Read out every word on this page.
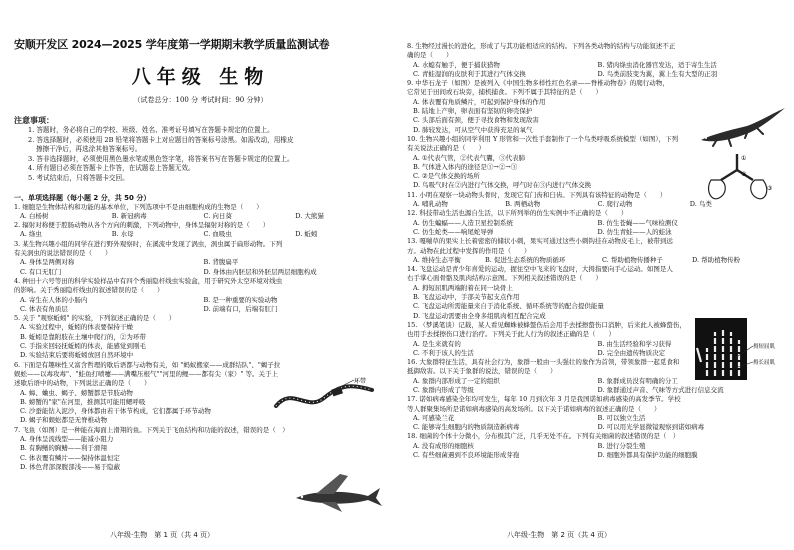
安顺开发区 2024—2025 学年度第一学期期末教学质量监测试卷
八年级 生物
（试卷总分：100 分 考试时间：90 分钟）
注意事项：
1. 答题时，务必将自己的学校、班级、姓名、准考证号填写在答题卡规定的位置上。
2. 答选择题时，必须使用 2B 铅笔将答题卡上对应题目的答案标号涂黑。如需改动，用橡皮
擦擦干净后，再选涂其他答案标号。
3. 答非选择题时，必须使用黑色墨水笔或黑色签字笔，将答案书写在答题卡规定的位置上。
4. 所有题目必须在答题卡上作答，在试题卷上答题无效。
5. 考试结束后，只将答题卡交回。
一、单项选择题（每小题 2 分，共 50 分）
1. 细胞是生物体结构和功能的基本单位，下列选项中不是由细胞构成的生物是（　　）
A. 白杨树	B. 新冠病毒	C. 向日葵	D. 大熊猫
2. 辐射对称便于腔肠动物从各个方向的刺激，下列动物中，身体呈辐射对称的是（　　）
A. 绦虫	B. 水母	C. 血吸虫	D. 蚯蚓
3. 某生物兴趣小组的同学在进行野外观察时，在溪流中发现了涡虫，涡虫属于扁形动物。下列
有关涡虫的说法错误的是（　　）
A. 身体呈两侧对称	B. 背腹扁平
C. 有口无肛门	D. 身体由内胚层和外胚层两层细胞构成
4. 种田十六号等田的科学实验样品中有四个秀丽隐杆线虫实验盒，用于研究外太空环境对线虫
的影响。关于秀丽隐杆线虫的叙述错误的是（　　）
A. 寄生在人体的小肠内	B. 是一种重要的实验动物
C. 体表有角质层	D. 前端有口，后端有肛门
5. 关于 "观察蚯蚓" 的实验，下列叙述正确的是（　　）
A. 实验过程中，蚯蚓的体表要保持干燥
B. 蚯蚓是靠附肢在土壤中爬行的，②为环带
C. 手指来回轻抚蚯蚓的体表，能感觉到刚毛
D. 实验结束后要将蚯蚓放回自然环境中
6. 下面是有趣味性又富含哲理的歇后语都与动物有关，如 "蚂蚁搬家——成群结队"、"蝎子拉
蜈蚣——以毒攻毒"、"蛙鱼打喷嚏——满嘴压根气""河里的鲤——都有尖（家）" 等。关于上
述歇后语中的动物，下列说法正确的是（　　）
A. 蟑、蛐虫、蝎子、螃蟹都是节肢动物
B. 螃蟹的"家"在河里，推测其可能用鳃呼吸
C. 沙蚕能钻入泥沙，身体都由若干体节构成，它们都属于环节动物
D. 蝎子和蜈蚣都是无脊椎动物
7. 飞鱼（如图）是一种能在海面上滑翔的鱼。下列关于飞鱼结构和功能的叙述，错误的是（　）
A. 身体呈流线型——能减小阻力
B. 有胸鳍的胸鳍——利于滑翔
C. 体表覆有鳞片——保持体温恒定
D. 体色背部深腹部浅——易于隐蔽
环带
八年级·生物　第 1 页（共 4 页）
8. 生物经过漫长的进化，形成了与其功能相适应的结构。下列各类动物的结构与功能叙述不正
确的是（　　）
A. 水螅有触手，便于捕获猎物	B. 猪肉绦虫消化器官发达，适于寄生生活
C. 青蛙湿润的皮肤利于其进行气体交换	D. 鸟类前肢变为翼，翼上生有大型的正羽
9. 中华石龙子（如图）是被列入《中国生物多样性红色名录——脊椎动物卷》的爬行动物，
它常见于田间或石块旁，捕机捕食。下列不属于其特征的是（　　）
A. 体表覆有角质鳞片，可起到保护身体的作用
B. 陆地上产卵，卵表面有坚韧的卵壳保护
C. 头部后面有颈，便于寻找食物和发现敌害
D. 肺较发达，可从空气中获得充足的氧气
10. 生物兴趣小组的同学利用 Y 形管和一次性手套制作了一个鸟类呼吸系统模型（如图），下列
有关说法正确的是（　　）
A. ①代表气管，②代表气囊，③代表肺
B. 气体进入体内的途径是①→②→③
C. ②是气体交换的场所
D. 鸟吸气时在②内进行气体交换，呼气时在③内进行气体交换
11. 小明在观察一块动物头骨时，发现它有门齿和臼齿。下列具有该特征的动物是（　　）
A. 哺乳动物	B. 两栖动物	C. 爬行动物	D. 鸟类
12. 科技带动生活也源自生活，以下所列举的仿生实例中不正确的是（　　）
A. 仿生蝙蝠——人造卫星控制系统	B. 仿生苍蝇——气味检测仪
C. 仿生蛇类——响尾蛇导弹	D. 仿生青蛙——人的蛙泳
13. 嘎嘣草的果实上长着密密的储状小刺，果实可通过这些小刺钩挂在动物皮毛上，被带到远
方。动物在此过程中发挥的作用是（　　）
A. 维持生态平衡	B. 促进生态系统的物质循环	C. 帮助植物传播种子	D. 帮助植物传粉
14. 飞盘运动是青少年喜爱的运动，握住空中飞来的飞盘时，大拇指要向手心运动。如图是人
右手掌心面骨骼及肌肉结构示意图。下列相关叙述错误的是（　　）
A. 拇短屈肌两端附着在同一块骨上
B. 飞盘运动中，手部关节起支点作用
C. 飞盘运动所需能量来自于消化系统、循环系统等的配合提供能量
D. 飞盘运动需要由全身多组肌肉相互配合完成
15. （梦溪笔谈）记载，某人看见蜘蛛被蜂螫伤后会用手去揉擦螫伤口消肿，后来此人被蜂螫伤，
也用手去揉擦伤口进行治疗。下列关于此人行为的叙述正确的是（　　）
A. 是生来就有的	B. 由生活经验和学习获得
C. 不利于该人的生活	D. 完全由遗传物质决定
16. 大象群特征生活，具有社会行为，象群一般由一头强壮的象作为首领，带领象群一起觅食和
抵御敌害。以下关于象群的说法，错误的是（　　）
A. 象群内部形成了一定的组织	B. 象群成员没有明确的分工
C. 象群内形成了等级	D. 象群通过声音、气味等方式进行信息交流
17. 诺如病毒感染全年均可发生，每年 10 月到次年 3 月是我国诺如病毒感染的高发季节。学校
等人群聚集场所是诺如病毒感染的高发场所。以下关于诺如病毒的叙述正确的是（　　）
A. 可感染兰花	B. 可以独立生活
C. 能够寄生细胞内的物质制造新病毒	D. 可以用光学显微镜观察到诺如病毒
18. 细菌的个体十分微小，分布极其广泛，几乎无处不在。下列有关细菌的叙述错误的是（　）
A. 没有成形的细胞核	B. 进行分裂生殖
C. 有些细菌遇到不良环境能形成芽孢	D. 细胞外都具有保护功能的细胞膜
①
②
③
拇短屈肌
拇长屈肌
八年级·生物　第 2 页（共 4 页）
